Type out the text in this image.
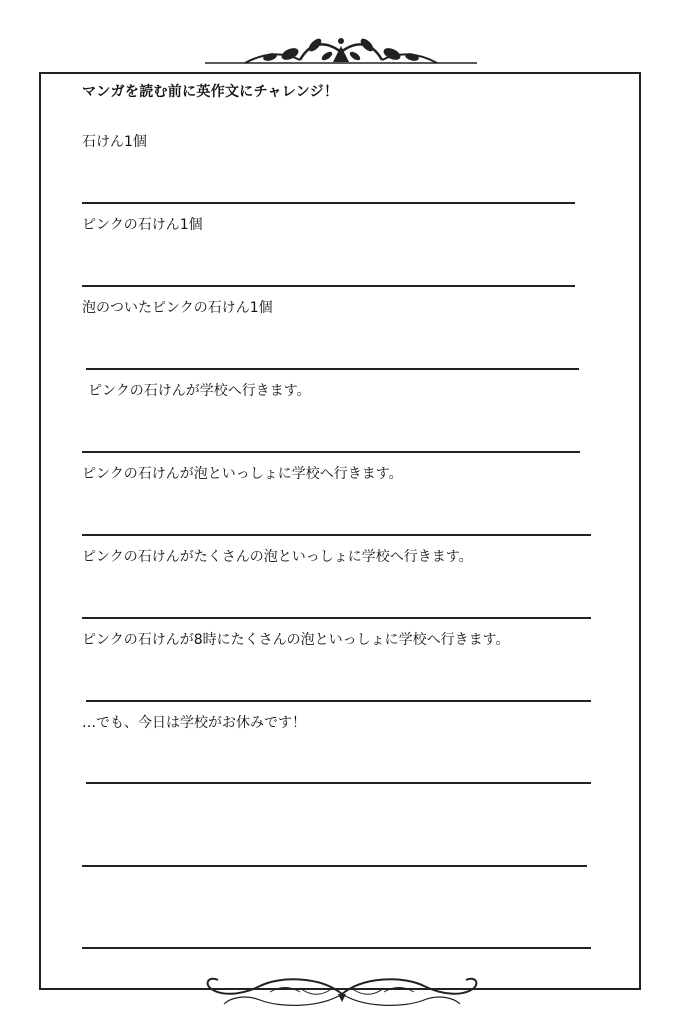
マンガを読む前に英作文にチャレンジ！
石けん1個
ピンクの石けん1個
泡のついたピンクの石けん1個
ピンクの石けんが学校へ行きます。
ピンクの石けんが泡といっしょに学校へ行きます。
ピンクの石けんがたくさんの泡といっしょに学校へ行きます。
ピンクの石けんが8時にたくさんの泡といっしょに学校へ行きます。
…でも、今日は学校がお休みです！
